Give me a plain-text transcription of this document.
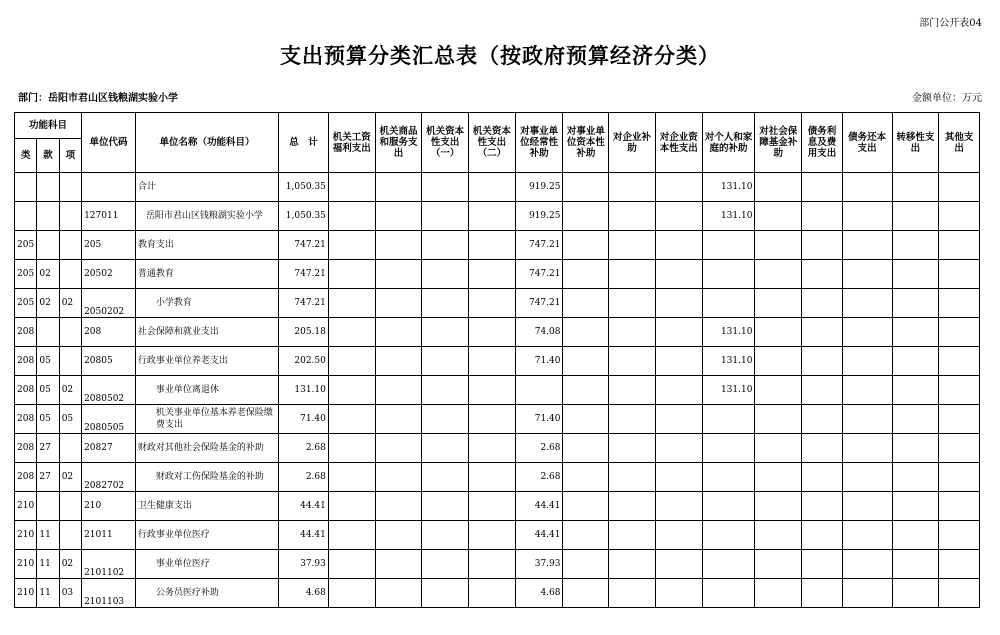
部门公开表04
支出预算分类汇总表（按政府预算经济分类）
部门：岳阳市君山区钱粮湖实验小学	金额单位：万元
功能科目			单位代码	单位名称（功能科目）	总　计	机关工资福利支出	机关商品和服务支出	机关资本性支出（一）	机关资本性支出（二）	对事业单位经常性补助	对事业单位资本性补助	对企业补助	对企业资本性支出	对个人和家庭的补助	对社会保障基金补助	债务利息及费用支出	债务还本支出	转移性支出	其他支出
类	款	项																	
				合计	1,050.35					919.25				131.10					
			127011	岳阳市君山区钱粮湖实验小学	1,050.35					919.25				131.10					
205			205	教育支出	747.21					747.21									
205	02		20502	普通教育	747.21					747.21									
205	02	02	2050202	小学教育	747.21					747.21									
208			208	社会保障和就业支出	205.18					74.08				131.10					
208	05		20805	行政事业单位养老支出	202.50					71.40				131.10					
208	05	02	2080502	事业单位离退休	131.10									131.10					
208	05	05	2080505	机关事业单位基本养老保险缴费支出	71.40					71.40									
208	27		20827	财政对其他社会保险基金的补助	2.68					2.68									
208	27	02	2082702	财政对工伤保险基金的补助	2.68					2.68									
210			210	卫生健康支出	44.41					44.41									
210	11		21011	行政事业单位医疗	44.41					44.41									
210	11	02	2101102	事业单位医疗	37.93					37.93									
210	11	03	2101103	公务员医疗补助	4.68					4.68									
